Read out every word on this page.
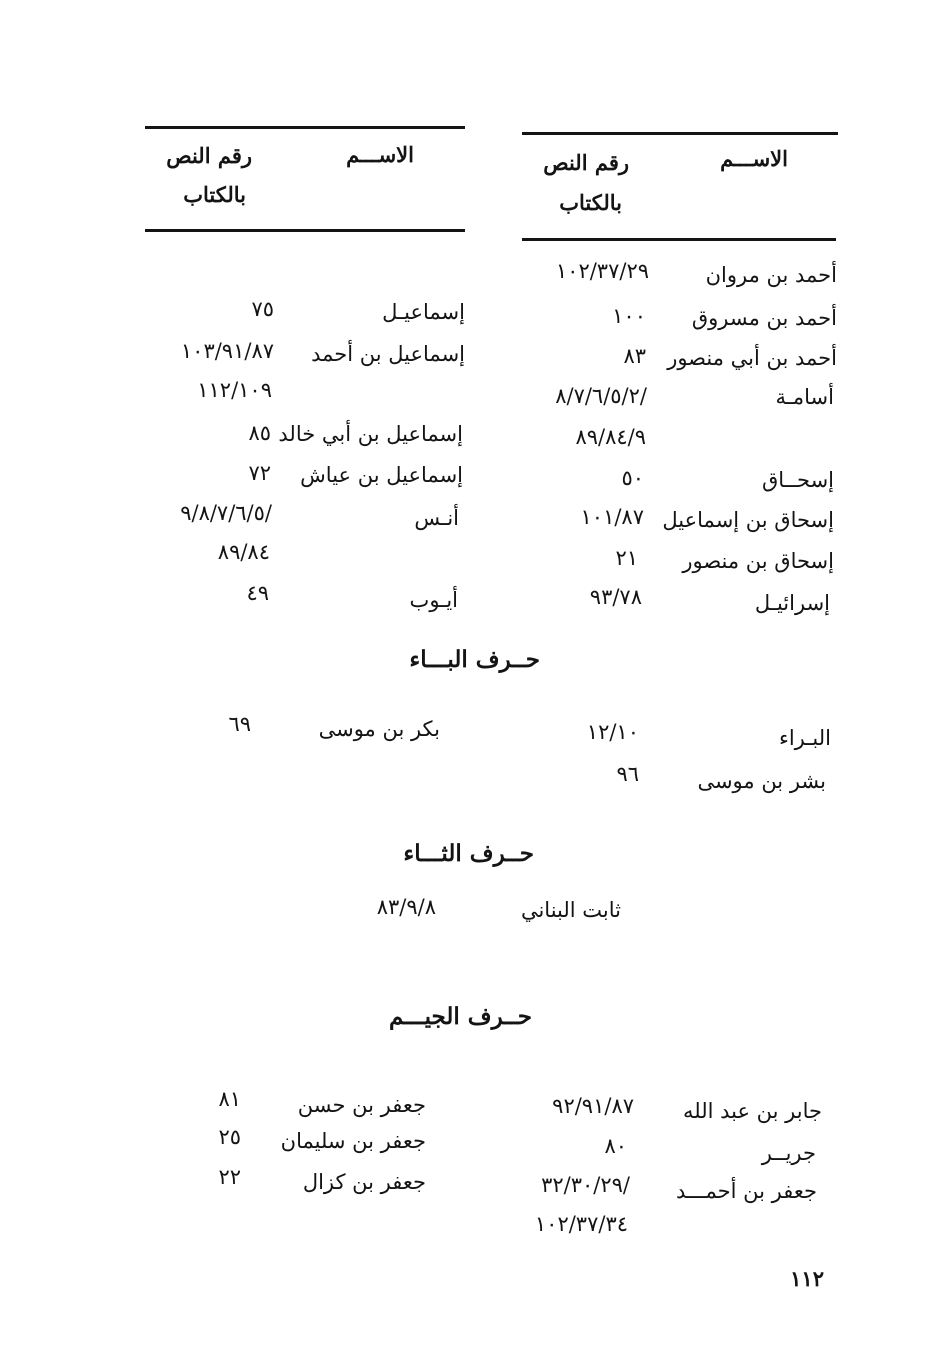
الاســـم
رقم النص
بالكتاب
الاســـم
رقم النص
بالكتاب
أحمد بن مروان
١٠٢/٣٧/٢٩
أحمد بن مسروق
١٠٠
أحمد بن أبي منصور
٨٣
أسامـة
/٨/٧/٦/٥/٢
٨٩/٨٤/٩
إسحــاق
٥٠
إسحاق بن إسماعيل
١٠١/٨٧
إسحاق بن منصور
٢١
إسرائيـل
٩٣/٧٨
إسماعيـل
٧٥
إسماعيل بن أحمد
١٠٣/٩١/٨٧
١١٢/١٠٩
إسماعيل بن أبي خالد
٨٥
إسماعيل بن عياش
٧٢
أنـس
/٩/٨/٧/٦/٥
٨٩/٨٤
أيـوب
٤٩
حــرف البـــاء
البـراء
١٢/١٠
بشر بن موسى
٩٦
بكر بن موسى
٦٩
حــرف الثـــاء
ثابت البناني
٨٣/٩/٨
حــرف الجيـــم
جابر بن عبد الله
٩٢/٩١/٨٧
جريــر
٨٠
جعفر بن أحمـــد
/٣٢/٣٠/٢٩
١٠٢/٣٧/٣٤
جعفر بن حسن
٨١
جعفر بن سليمان
٢٥
جعفر بن كزال
٢٢
١١٢
